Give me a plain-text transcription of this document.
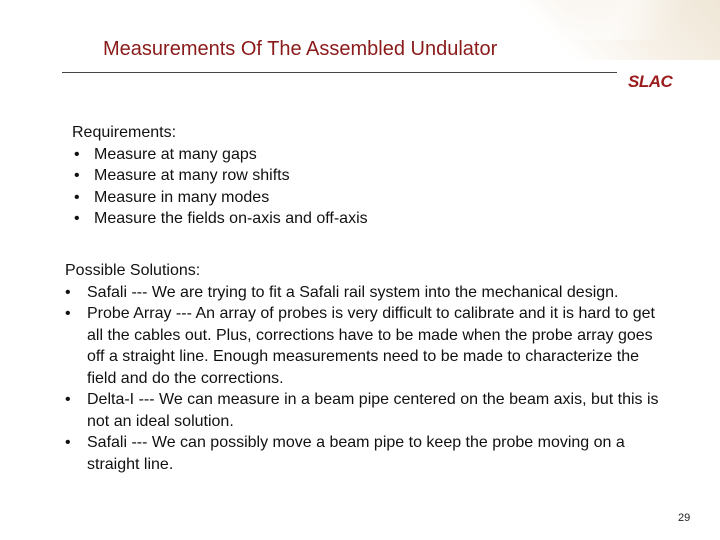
Measurements Of The Assembled Undulator
SLAC

Requirements:

• Measure at many gaps
• Measure at many row shifts
• Measure in many modes
• Measure the fields on-axis and off-axis

Possible Solutions:

• Safali --- We are trying to fit a Safali rail system into the mechanical design.
• Probe Array --- An array of probes is very difficult to calibrate and it is hard to get all the cables out. Plus, corrections have to be made when the probe array goes off a straight line. Enough measurements need to be made to characterize the field and do the corrections.
• Delta-I --- We can measure in a beam pipe centered on the beam axis, but this is not an ideal solution.
• Safali --- We can possibly move a beam pipe to keep the probe moving on a straight line.
29
